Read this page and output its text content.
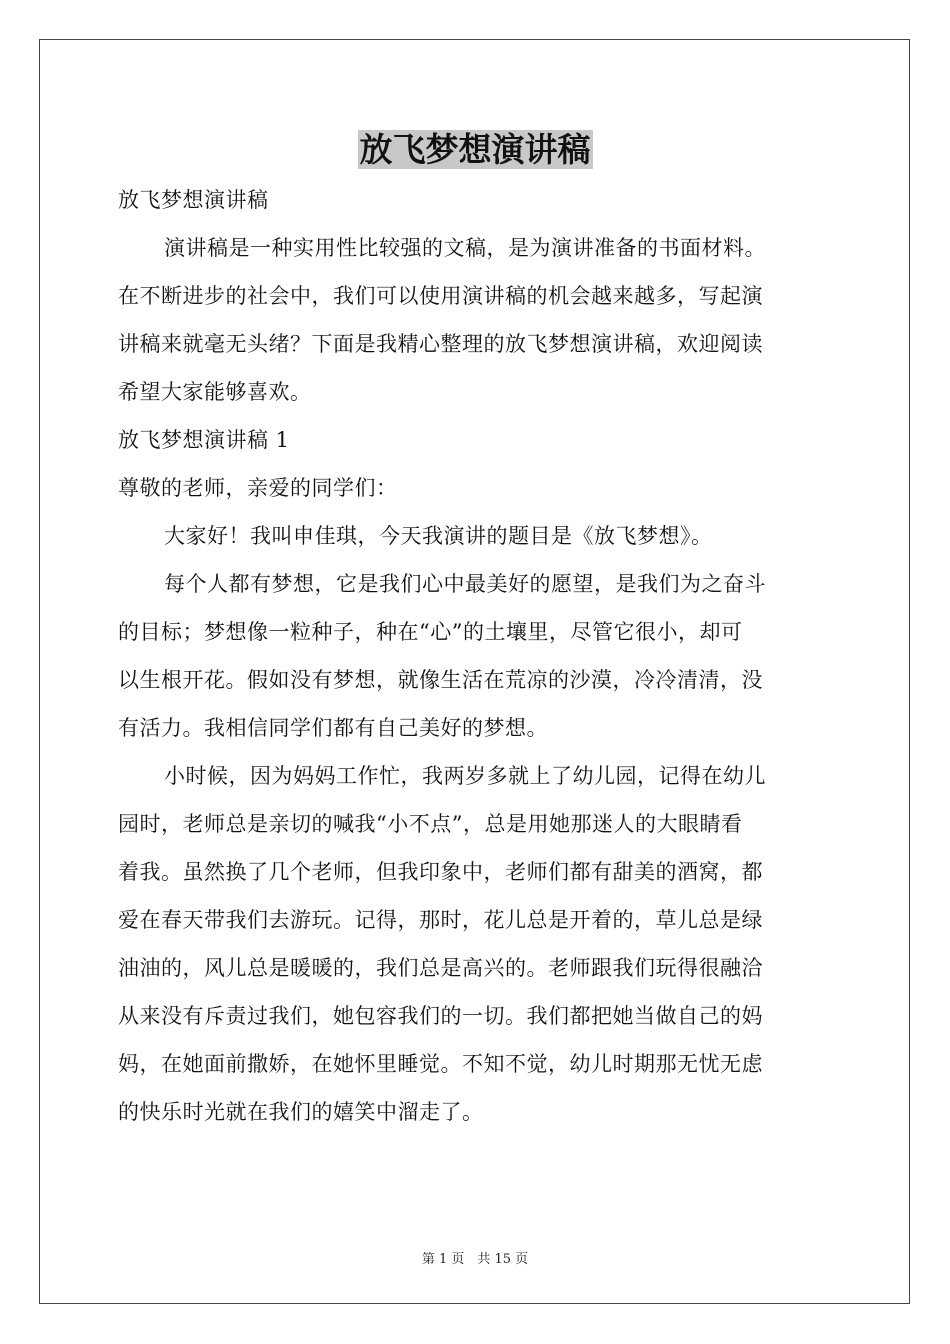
放飞梦想演讲稿
放飞梦想演讲稿
演讲稿是一种实用性比较强的文稿，是为演讲准备的书面材料。
在不断进步的社会中，我们可以使用演讲稿的机会越来越多，写起演
讲稿来就毫无头绪？下面是我精心整理的放飞梦想演讲稿，欢迎阅读
希望大家能够喜欢。
放飞梦想演讲稿 1
尊敬的老师，亲爱的同学们：
大家好！我叫申佳琪，今天我演讲的题目是《放飞梦想》。
每个人都有梦想，它是我们心中最美好的愿望，是我们为之奋斗
的目标；梦想像一粒种子，种在“心”的土壤里，尽管它很小，却可
以生根开花。假如没有梦想，就像生活在荒凉的沙漠，冷冷清清，没
有活力。我相信同学们都有自己美好的梦想。
小时候，因为妈妈工作忙，我两岁多就上了幼儿园，记得在幼儿
园时，老师总是亲切的喊我“小不点”，总是用她那迷人的大眼睛看
着我。虽然换了几个老师，但我印象中，老师们都有甜美的酒窝，都
爱在春天带我们去游玩。记得，那时，花儿总是开着的，草儿总是绿
油油的，风儿总是暖暖的，我们总是高兴的。老师跟我们玩得很融洽
从来没有斥责过我们，她包容我们的一切。我们都把她当做自己的妈
妈，在她面前撒娇，在她怀里睡觉。不知不觉，幼儿时期那无忧无虑
的快乐时光就在我们的嬉笑中溜走了。
第 1 页　共 15 页
